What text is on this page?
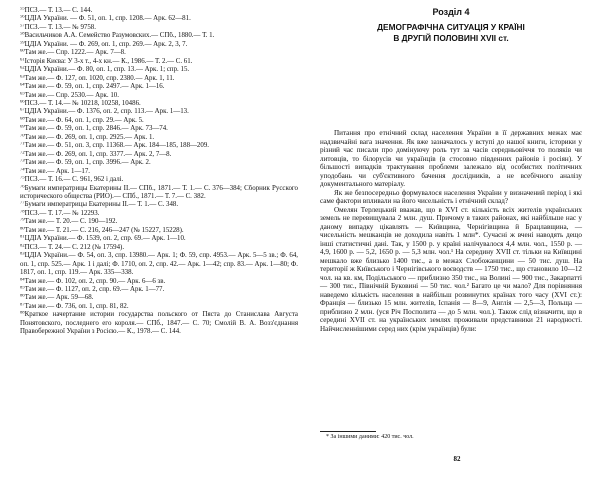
$^{55}$ПСЗ.— Т. 13.— С. 144.
$^{56}$ЦДІА України. — Ф. 51, оп. 1, спр. 1208.— Арк. 62—81.
$^{57}$ПСЗ.— Т. 13.— № 9758.
$^{58}$Васильчиков А.А. Семейство Разумовских.— СПб., 1880.— Т. 1.
$^{59}$ЦДІА України. — Ф. 269, оп. 1, спр. 269.— Арк. 2, 3, 7.
$^{60}$Там же.— Спр. 1222.— Арк. 7—8.
$^{61}$Історія Києва: У 3-х т., 4-х кн.— К., 1986.— Т. 2.— С. 61.
$^{62}$ЦДІА України.— Ф. 80, оп. 1, спр. 13.— Арк. 1; спр. 15.
$^{63}$Там же.— Ф. 127, оп. 1020, спр. 2380.— Арк. 1, 11.
$^{64}$Там же.— Ф. 59, оп. 1, спр. 2497.— Арк. 1—16.
$^{65}$Там же.— Спр. 2530.— Арк. 10.
$^{66}$ПСЗ.— Т. 14.— № 10218, 10258, 10486.
$^{67}$ЦДІА України.— Ф. 1376, оп. 2, спр. 113.— Арк. 1—13.
$^{68}$Там же.— Ф. 64, оп. 1, спр. 29.— Арк. 5.
$^{69}$Там же.— Ф. 59, оп. 1, спр. 2846.— Арк. 73—74.
$^{70}$Там же.— Ф. 269, оп. 1, спр. 2925.— Арк. 1.
$^{71}$Там же.— Ф. 51, оп. 3, спр. 11368.— Арк. 184—185, 188—209.
$^{72}$Там же.— Ф. 269, оп. 1, спр. 3377.— Арк. 2, 7—8.
$^{73}$Там же.— Ф. 59, оп. 1, спр. 3996.— Арк. 2.
$^{74}$Там же.— Арк. 1—17.
$^{75}$ПСЗ.— Т. 16.— С. 961, 962 і далі.
$^{76}$Бумаги императрицы Екатерины II.— СПб., 1871.— Т. 1.— С. 376—384; Сборник Русского исторического общества (РИО).— СПб., 1871.— Т. 7.— С. 382.
$^{77}$Бумаги императрицы Екатерины II.— Т. 1.— С. 348.
$^{78}$ПСЗ.— Т. 17.— № 12293.
$^{79}$Там же.— Т. 20.— С. 190—192.
$^{80}$Там же.— Т. 21.— С. 216, 246—247 (№ 15227, 15228).
$^{81}$ЦДІА України.— Ф. 1539, оп. 2, спр. 69.— Арк. 1—10.
$^{82}$ПСЗ.— Т. 24.— С. 212 (№ 17594).
$^{83}$ЦДІА України.— Ф. 54, оп. 3, спр. 13980.— Арк. 1; Ф. 59, спр. 4953.— Арк. 5—5 зв.; Ф. 64, оп. 1, спр. 525.— Арк. 1 і далі; Ф. 1710, оп. 2, спр. 42.— Арк. 1—42; спр. 83.— Арк. 1—80; Ф. 1817, оп. 1, спр. 119.— Арк. 335—338.
$^{84}$Там же.— Ф. 102, оп. 2, спр. 90.— Арк. 6—6 зв.
$^{85}$Там же.— Ф. 1127, оп. 2, спр. 69.— Арк. 1—77.
$^{86}$Там же.— Арк. 59—68.
$^{87}$Там же.— Ф. 736, оп. 1, спр. 81, 82.
$^{88}$Краткое начертание истории государства польского от Пяста до Станислава Августа Понятовского, последнего его короля.— СПб., 1847.— С. 70; Смолій В. А. Возз'єднання Правобережної України з Росією.— К., 1978.— С. 144.
Розділ 4
ДЕМОГРАФІЧНА СИТУАЦІЯ У КРАЇНІ
В ДРУГІЙ ПОЛОВИНІ XVII ст.

Питання про етнічний склад населення України в її державних межах має надзвичайні вага значення. Як вже зазначалось у вступі до нашої книги, історики у різний час писали про домінуючу роль тут за часів середньовіччя то поляків чи литовців, то білорусів чи українців (в стосовно південних районів і росіян). У більшості випадків трактування проблеми залежало від особистих політичних уподобань чи суб'єктивного бачення дослідників, а не всебічного аналізу документального матеріалу.

Як же безпосередньо формувалося населення України у визначений період і які саме фактори впливали на його чисельність і етнічний склад?

Омелян Терлецький вважав, що в XVI ст. кількість всіх жителів українських земель не перевищувала 2 млн. душ. Причому в таких районах, які найбільше нас у даному випадку цікавлять — Київщина, Чернігівщина й Брацлавщина, — чисельність мешканців не доходила навіть 1 млн*. Сучасні ж вчені наводять дещо інші статистичні дані. Так, у 1500 р. у країні налічувалося 4,4 млн. чол., 1550 р. — 4,9, 1600 р. — 5,2, 1650 р. — 5,3 млн. чол.¹ На середину XVII ст. тільки на Київщині мешкало вже близько 1400 тис., а в межах Слобожанщини — 50 тис. душ. На території ж Київського і Чернігівського воєводств — 1750 тис., що становило 10—12 чол. на кв. км, Подільського — приблизно 350 тис., на Волині — 900 тис., Закарпатті — 300 тис., Північній Буковині — 50 тис. чол.² Багато це чи мало? Для порівняння наведемо кількість населення в найбільш розвинутих країнах того часу (XVI ст.): Франція — близько 15 млн. жителів, Іспанія — 8—9, Англія — 2,5—3, Польща — приблизно 2 млн. (уся Річ Посполита — до 5 млн. чол.). Також слід візначити, що в середині XVII ст. на українських землях проживали представники 21 народності. Найчисленнішими серед них (крім українців) були:

* За іншими даними: 420 тис. чол.
82
